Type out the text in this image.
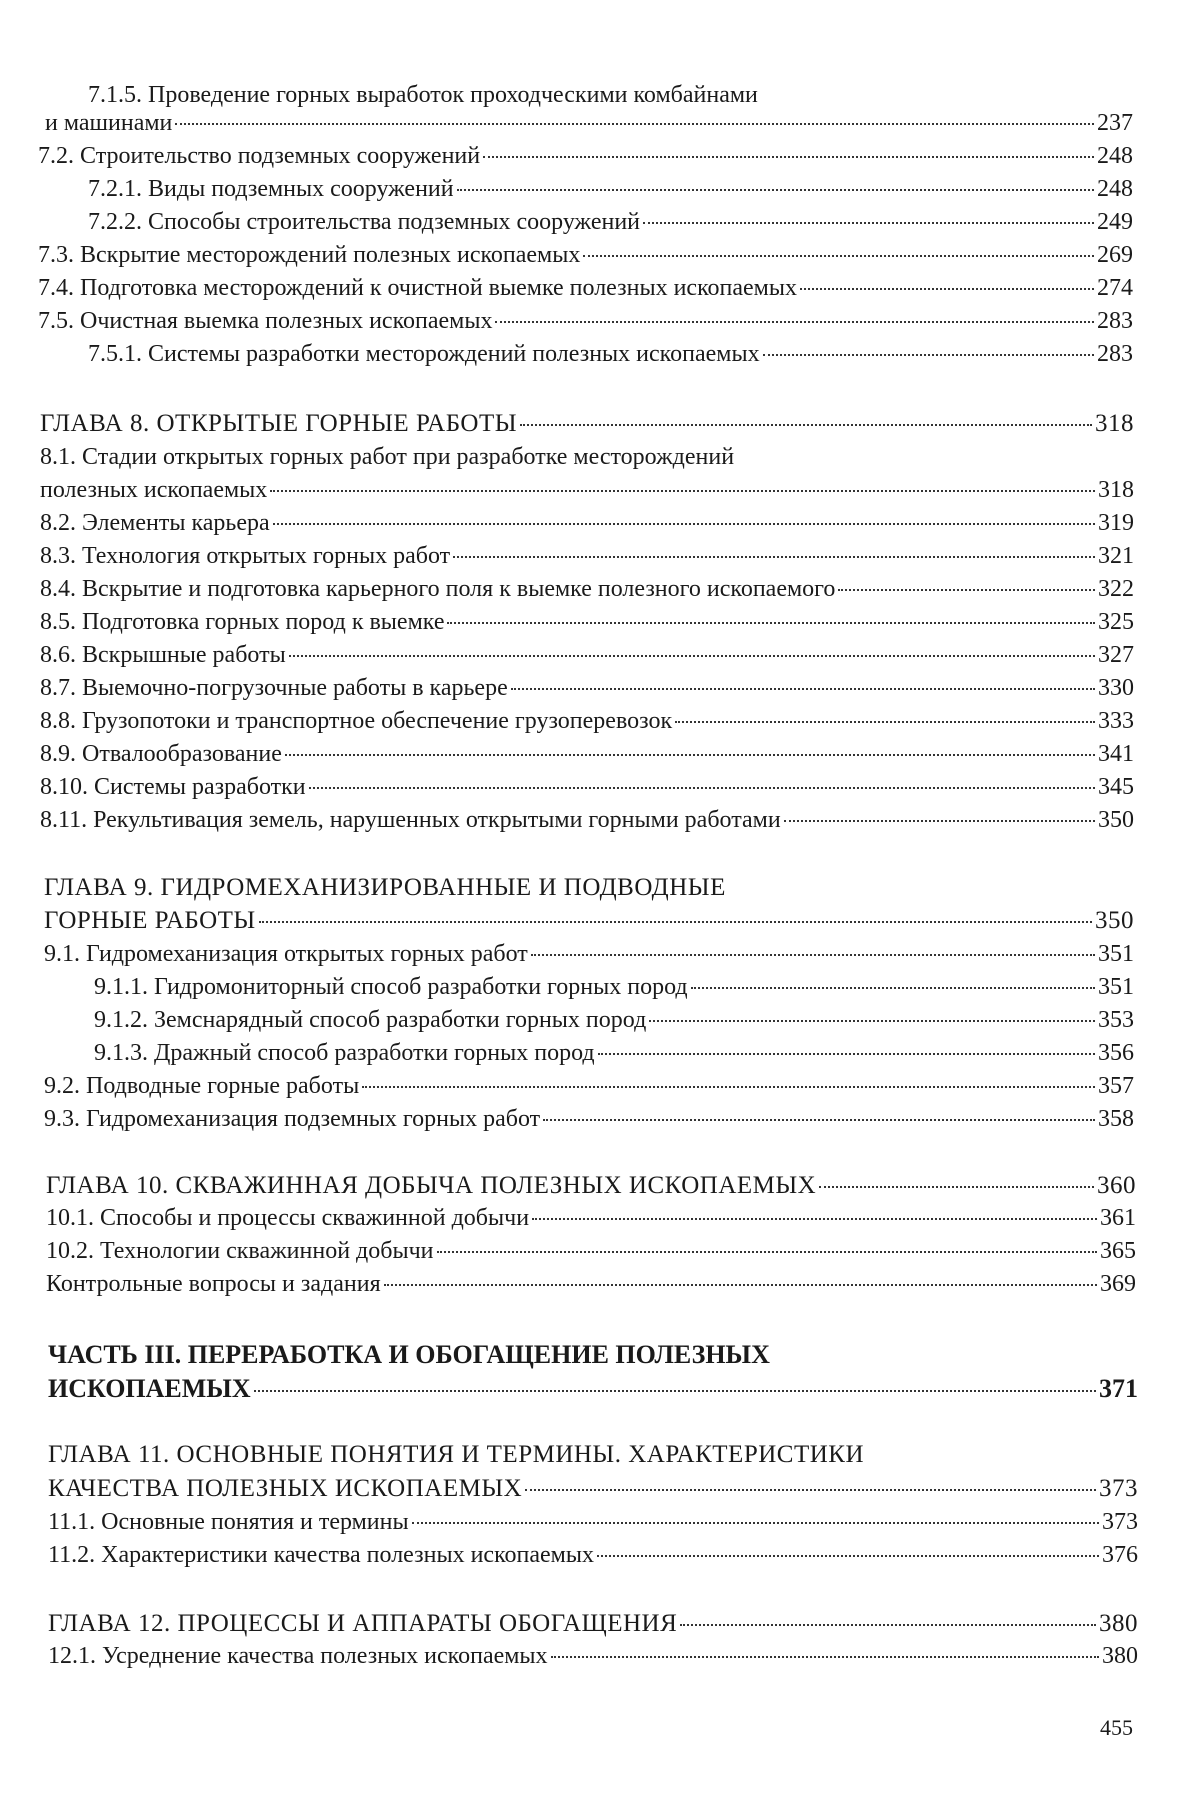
7.1.5. Проведение горных выработок проходческими комбайнами
и машинами	237
7.2. Строительство подземных сооружений	248
7.2.1. Виды подземных сооружений	248
7.2.2. Способы строительства подземных сооружений	249
7.3. Вскрытие месторождений полезных ископаемых	269
7.4. Подготовка месторождений к очистной выемке полезных ископаемых	274
7.5. Очистная выемка полезных ископаемых	283
7.5.1. Системы разработки месторождений полезных ископаемых	283
ГЛАВА 8. ОТКРЫТЫЕ ГОРНЫЕ РАБОТЫ	318
8.1. Стадии открытых горных работ при разработке месторождений
полезных ископаемых	318
8.2. Элементы карьера	319
8.3. Технология открытых горных работ	321
8.4. Вскрытие и подготовка карьерного поля к выемке полезного ископаемого	322
8.5. Подготовка горных пород к выемке	325
8.6. Вскрышные работы	327
8.7. Выемочно-погрузочные работы в карьере	330
8.8. Грузопотоки и транспортное обеспечение грузоперевозок	333
8.9. Отвалообразование	341
8.10. Системы разработки	345
8.11. Рекультивация земель, нарушенных открытыми горными работами	350
ГЛАВА 9. ГИДРОМЕХАНИЗИРОВАННЫЕ И ПОДВОДНЫЕ
ГОРНЫЕ РАБОТЫ	350
9.1. Гидромеханизация открытых горных работ	351
9.1.1. Гидромониторный способ разработки горных пород	351
9.1.2. Земснарядный способ разработки горных пород	353
9.1.3. Дражный способ разработки горных пород	356
9.2. Подводные горные работы	357
9.3. Гидромеханизация подземных горных работ	358
ГЛАВА 10. СКВАЖИННАЯ ДОБЫЧА ПОЛЕЗНЫХ ИСКОПАЕМЫХ	360
10.1. Способы и процессы скважинной добычи	361
10.2. Технологии скважинной добычи	365
Контрольные вопросы и задания	369
ЧАСТЬ III. ПЕРЕРАБОТКА И ОБОГАЩЕНИЕ ПОЛЕЗНЫХ
ИСКОПАЕМЫХ	371
ГЛАВА 11. ОСНОВНЫЕ ПОНЯТИЯ И ТЕРМИНЫ. ХАРАКТЕРИСТИКИ
КАЧЕСТВА ПОЛЕЗНЫХ ИСКОПАЕМЫХ	373
11.1. Основные понятия и термины	373
11.2. Характеристики качества полезных ископаемых	376
ГЛАВА 12. ПРОЦЕССЫ И АППАРАТЫ ОБОГАЩЕНИЯ	380
12.1. Усреднение качества полезных ископаемых	380
455
